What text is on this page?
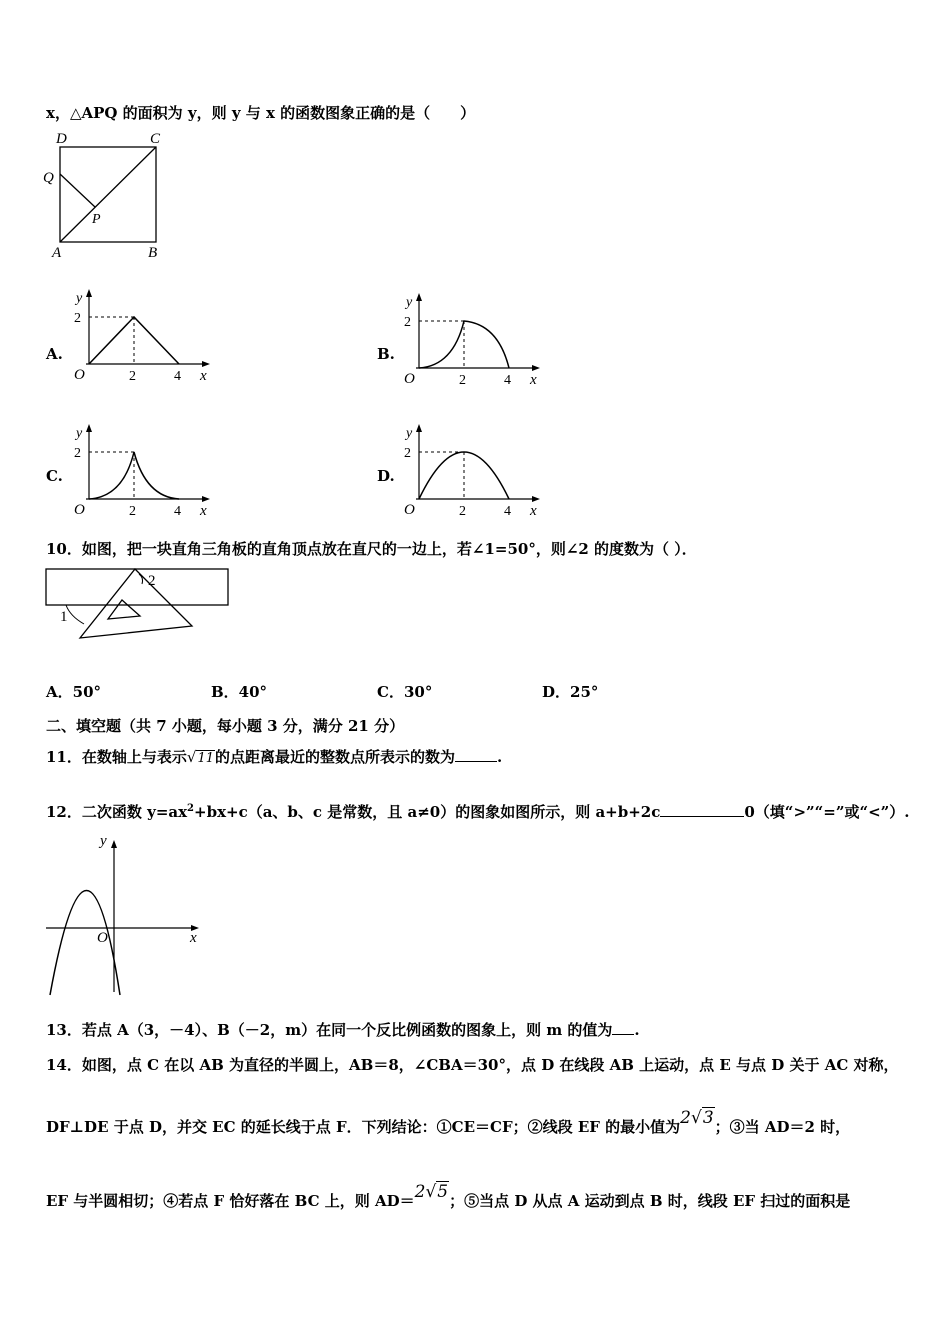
x，△APQ 的面积为 y，则 y 与 x 的函数图象正确的是（　　）
D	C
Q
P
A	B
A.	B.
C.	D.
y
2
O	2	4 x
y
2
O	2	4 x
y
2
O	2	4 x
y
2
O	2	4 x
10．如图，把一块直角三角板的直角顶点放在直尺的一边上，若∠1=50°，则∠2 的度数为（ ）．
1
2
A．50°	B．40°	C．30°	D．25°
二、填空题（共 7 小题，每小题 3 分，满分 21 分）
11．在数轴上与表示√11的点距离最近的整数点所表示的数为	.
12．二次函数 $y=ax^2+bx+c(a$、b、c 是常数，且 a≠0）的图象如图所示，则 a+b+2c	0（填“>”“=”或“<”）.
y
x
O
13．若点 A（3，－4）、B（－2，m）在同一个反比例函数的图象上，则 m 的值为 .
14．如图，点 C 在以 AB 为直径的半圆上，AB＝8，∠CBA＝30°，点 D 在线段 AB 上运动，点 E 与点 D 关于 AC 对称，
DF⊥DE 于点 D，并交 EC 的延长线于点 F．下列结论：①CE＝CF；②线段 EF 的最小值为2√3；③当 AD＝2 时，
EF 与半圆相切；④若点 F 恰好落在 BC 上，则 AD＝2√5；⑤当点 D 从点 A 运动到点 B 时，线段 EF 扫过的面积是
